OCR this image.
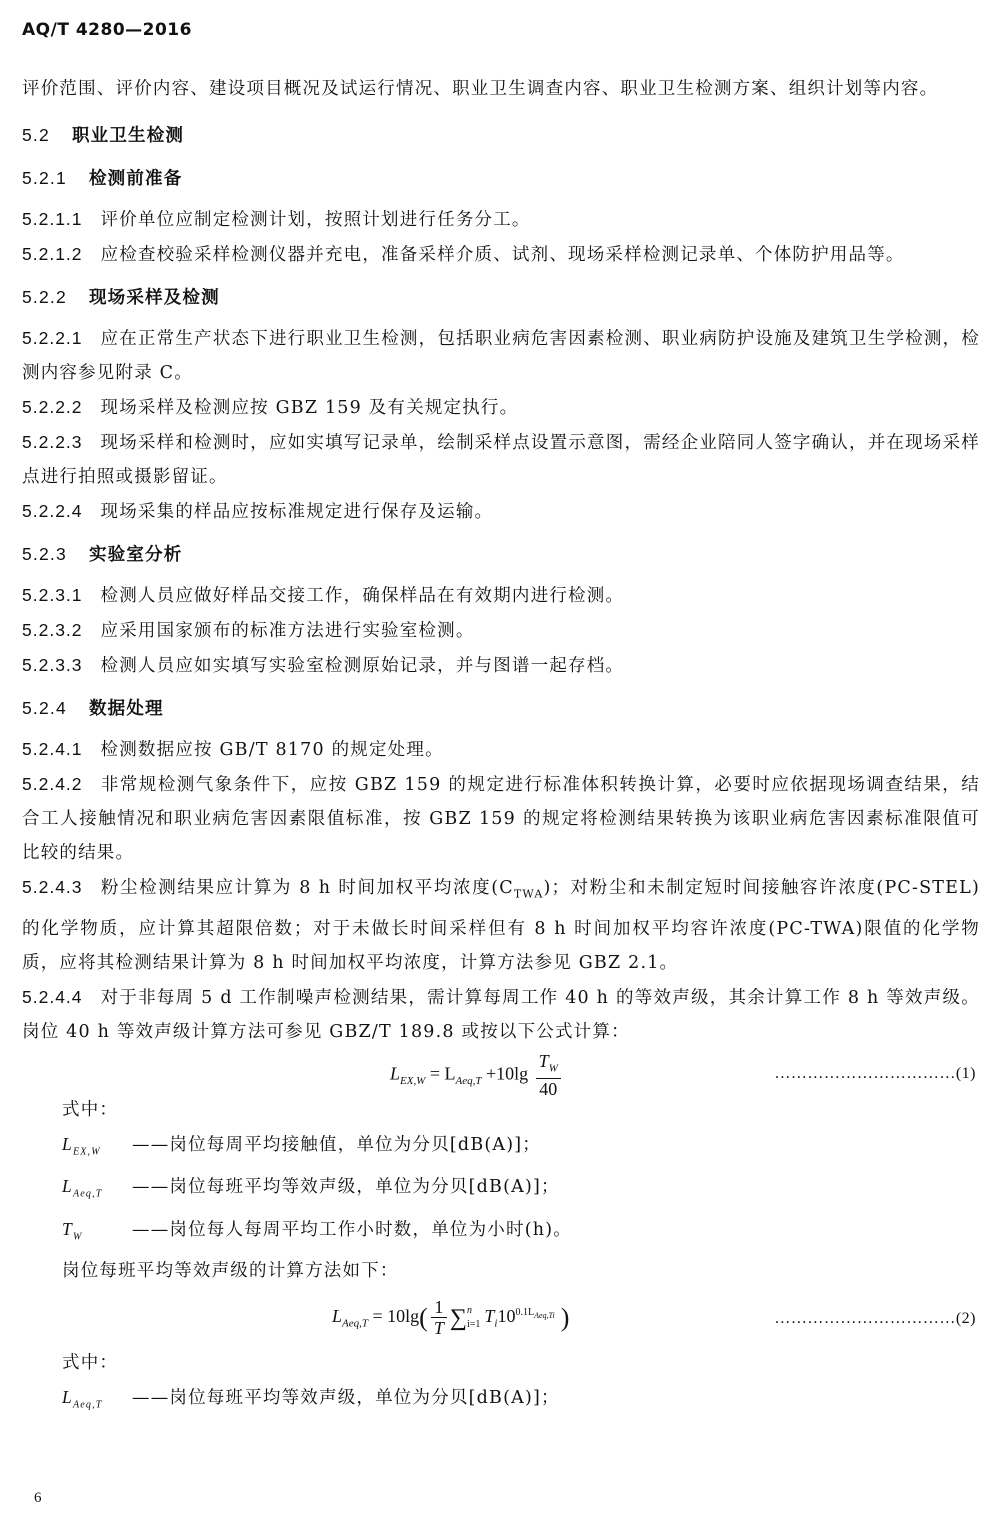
AQ/T 4280—2016

评价范围、评价内容、建设项目概况及试运行情况、职业卫生调查内容、职业卫生检测方案、组织计划等内容。

5.2 职业卫生检测
5.2.1 检测前准备

5.2.1.1 评价单位应制定检测计划，按照计划进行任务分工。

5.2.1.2 应检查校验采样检测仪器并充电，准备采样介质、试剂、现场采样检测记录单、个体防护用品等。

5.2.2 现场采样及检测

5.2.2.1 应在正常生产状态下进行职业卫生检测，包括职业病危害因素检测、职业病防护设施及建筑卫生学检测，检测内容参见附录 C。

5.2.2.2 现场采样及检测应按 GBZ 159 及有关规定执行。

5.2.2.3 现场采样和检测时，应如实填写记录单，绘制采样点设置示意图，需经企业陪同人签字确认，并在现场采样点进行拍照或摄影留证。

5.2.2.4 现场采集的样品应按标准规定进行保存及运输。

5.2.3 实验室分析

5.2.3.1 检测人员应做好样品交接工作，确保样品在有效期内进行检测。

5.2.3.2 应采用国家颁布的标准方法进行实验室检测。

5.2.3.3 检测人员应如实填写实验室检测原始记录，并与图谱一起存档。

5.2.4 数据处理

5.2.4.1 检测数据应按 GB/T 8170 的规定处理。

5.2.4.2 非常规检测气象条件下，应按 GBZ 159 的规定进行标准体积转换计算，必要时应依据现场调查结果，结合工人接触情况和职业病危害因素限值标准，按 GBZ 159 的规定将检测结果转换为该职业病危害因素标准限值可比较的结果。

5.2.4.3 粉尘检测结果应计算为 8 h 时间加权平均浓度$(C_{TWA})$；对粉尘和未制定短时间接触容许浓度(PC-STEL)的化学物质，应计算其超限倍数；对于未做长时间采样但有 8 h 时间加权平均容许浓度(PC-TWA)限值的化学物质，应将其检测结果计算为 8 h 时间加权平均浓度，计算方法参见 GBZ 2.1。

5.2.4.4 对于非每周 5 d 工作制噪声检测结果，需计算每周工作 40 h 的等效声级，其余计算工作 8 h 等效声级。岗位 40 h 等效声级计算方法可参见 GBZ/T 189.8 或按以下公式计算：

$L_{EX,W} = L_{Aeq,T} +10\lg \frac{T_W}{40}$	……………………………(1)
式中：
$L_{EX,W}$ ——岗位每周平均接触值，单位为分贝[dB(A)]；
$L_{Aeq,T}$ ——岗位每班平均等效声级，单位为分贝[dB(A)]；
$T_W$	——岗位每人每周平均工作小时数，单位为小时(h)。
岗位每班平均等效声级的计算方法如下：
$L_{Aeq,T} = 10\lg( \frac{1}{T}$ ∑ n
i=1 $T_i10^{0.1L_{Aeq,Ti}}$ )	……………………………(2)
式中：
$L_{Aeq,T}$ ——岗位每班平均等效声级，单位为分贝[dB(A)]；
6
